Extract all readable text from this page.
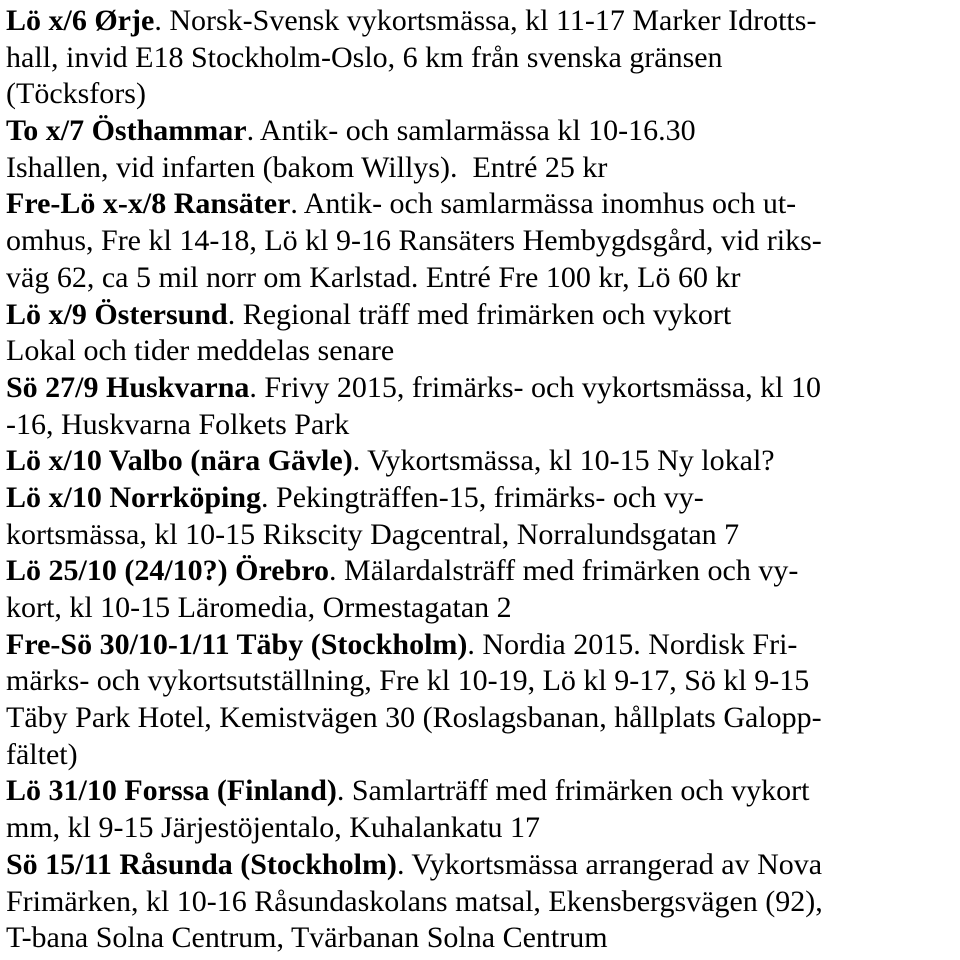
Lö x/6 Ørje. Norsk-Svensk vykortsmässa, kl 11-17 Marker Idrotts-
hall, invid E18 Stockholm-Oslo, 6 km från svenska gränsen
(Töcksfors)
To x/7 Östhammar. Antik- och samlarmässa kl 10-16.30
Ishallen, vid infarten (bakom Willys).  Entré 25 kr
Fre-Lö x-x/8 Ransäter. Antik- och samlarmässa inomhus och ut-
omhus, Fre kl 14-18, Lö kl 9-16 Ransäters Hembygdsgård, vid riks-
väg 62, ca 5 mil norr om Karlstad. Entré Fre 100 kr, Lö 60 kr
Lö x/9 Östersund. Regional träff med frimärken och vykort
Lokal och tider meddelas senare
Sö 27/9 Huskvarna. Frivy 2015, frimärks- och vykortsmässa, kl 10
-16, Huskvarna Folkets Park
Lö x/10 Valbo (nära Gävle). Vykortsmässa, kl 10-15 Ny lokal?
Lö x/10 Norrköping. Pekingträffen-15, frimärks- och vy-
kortsmässa, kl 10-15 Rikscity Dagcentral, Norralundsgatan 7
Lö 25/10 (24/10?) Örebro. Mälardalsträff med frimärken och vy-
kort, kl 10-15 Läromedia, Ormestagatan 2
Fre-Sö 30/10-1/11 Täby (Stockholm). Nordia 2015. Nordisk Fri-
märks- och vykortsutställning, Fre kl 10-19, Lö kl 9-17, Sö kl 9-15
Täby Park Hotel, Kemistvägen 30 (Roslagsbanan, hållplats Galopp-
fältet)
Lö 31/10 Forssa (Finland). Samlarträff med frimärken och vykort
mm, kl 9-15 Järjestöjentalo, Kuhalankatu 17
Sö 15/11 Råsunda (Stockholm). Vykortsmässa arrangerad av Nova
Frimärken, kl 10-16 Råsundaskolans matsal, Ekensbergsvägen (92),
T-bana Solna Centrum, Tvärbanan Solna Centrum
